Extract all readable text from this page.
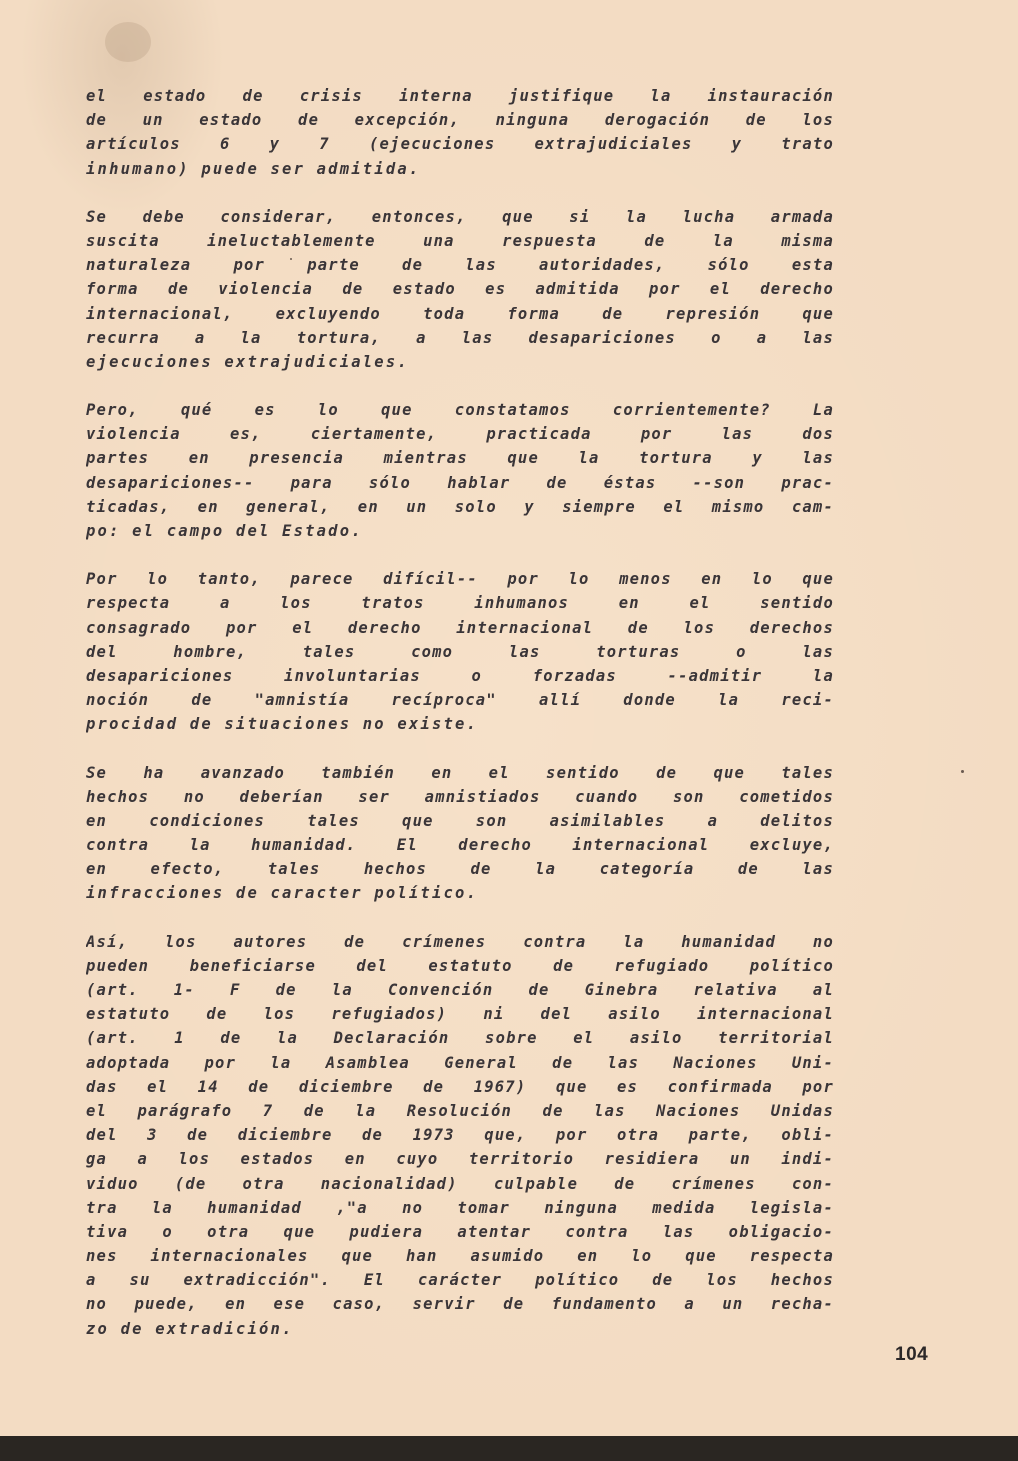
el estado de crisis interna justifique la instauración
de un estado de excepción, ninguna derogación de los
artículos 6 y 7 (ejecuciones extrajudiciales y trato
inhumano) puede ser admitida.
Se debe considerar, entonces, que si la lucha armada
suscita ineluctablemente una respuesta de la misma
naturaleza por parte de las autoridades, sólo esta
forma de violencia de estado es admitida por el derecho
internacional, excluyendo toda forma de represión que
recurra a la tortura, a las desapariciones o a las
ejecuciones extrajudiciales.
Pero, qué es lo que constatamos corrientemente? La
violencia es, ciertamente, practicada por las dos
partes en presencia mientras que la tortura y las
desapariciones-- para sólo hablar de éstas --son prac-
ticadas, en general, en un solo y siempre el mismo cam-
po: el campo del Estado.
Por lo tanto, parece difícil-- por lo menos en lo que
respecta a los tratos inhumanos en el sentido
consagrado por el derecho internacional de los derechos
del hombre, tales como las torturas o las
desapariciones involuntarias o forzadas --admitir la
noción de "amnistía recíproca" allí donde la reci-
procidad de situaciones no existe.
Se ha avanzado también en el sentido de que tales
hechos no deberían ser amnistiados cuando son cometidos
en condiciones tales que son asimilables a delitos
contra la humanidad. El derecho internacional excluye,
en efecto, tales hechos de la categoría de las
infracciones de caracter político.
Así, los autores de crímenes contra la humanidad no
pueden beneficiarse del estatuto de refugiado político
(art. 1- F de la Convención de Ginebra relativa al
estatuto de los refugiados) ni del asilo internacional
(art. 1 de la Declaración sobre el asilo territorial
adoptada por la Asamblea General de las Naciones Uni-
das el 14 de diciembre de 1967) que es confirmada por
el parágrafo 7 de la Resolución de las Naciones Unidas
del 3 de diciembre de 1973 que, por otra parte, obli-
ga a los estados en cuyo territorio residiera un indi-
viduo (de otra nacionalidad) culpable de crímenes con-
tra la humanidad ,"a no tomar ninguna medida legisla-
tiva o otra que pudiera atentar contra las obligacio-
nes internacionales que han asumido en lo que respecta
a su extradicción". El carácter político de los hechos
no puede, en ese caso, servir de fundamento a un recha-
zo de extradición.
104
